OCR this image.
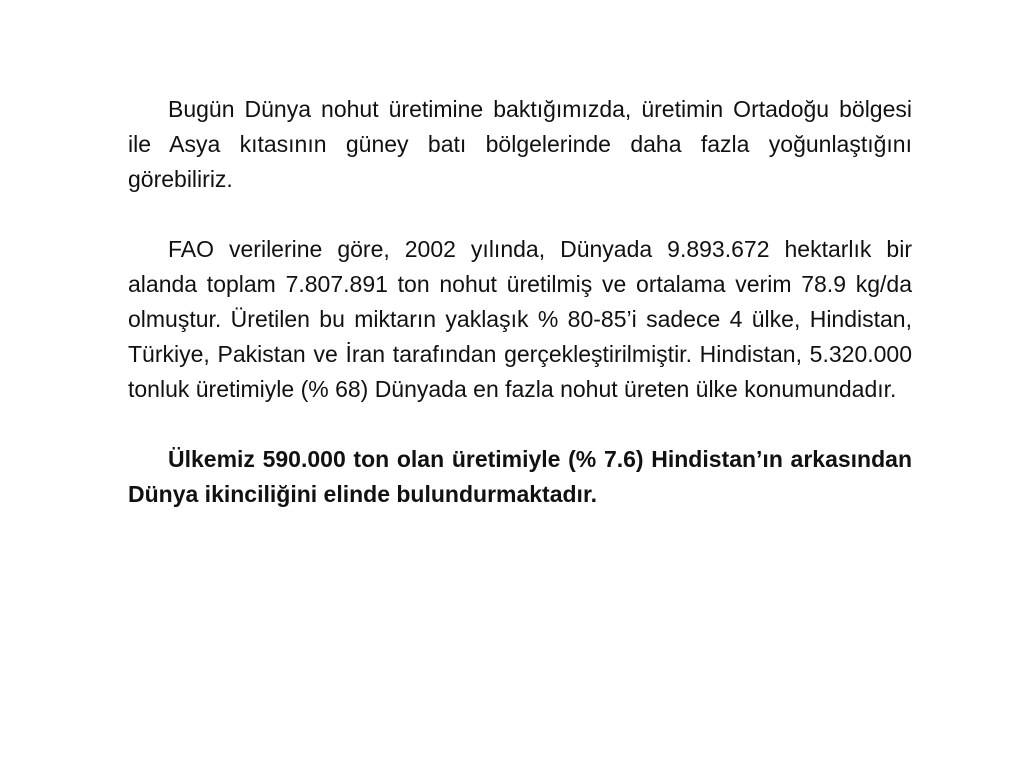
Bugün Dünya nohut üretimine baktığımızda, üretimin Ortadoğu bölgesi ile Asya kıtasının güney batı bölgelerinde daha fazla yoğunlaştığını görebiliriz.

FAO verilerine göre, 2002 yılında, Dünyada 9.893.672 hektarlık bir alanda toplam 7.807.891 ton nohut üretilmiş ve ortalama verim 78.9 kg/da olmuştur. Üretilen bu miktarın yaklaşık % 80-85’i sadece 4 ülke, Hindistan, Türkiye, Pakistan ve İran tarafından gerçekleştirilmiştir. Hindistan, 5.320.000 tonluk üretimiyle (% 68) Dünyada en fazla nohut üreten ülke konumundadır.

Ülkemiz 590.000 ton olan üretimiyle (% 7.6) Hindistan’ın arkasından Dünya ikinciliğini elinde bulundurmaktadır.
